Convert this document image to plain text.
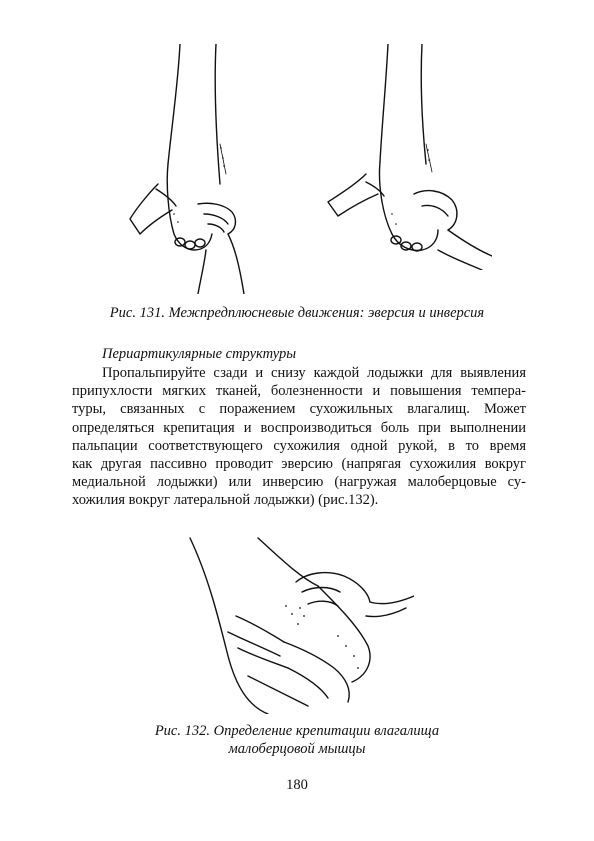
Рис. 131. Межпредплюсневые движения: эверсия и инверсия
Периартикулярные структуры
Пропальпируйте сзади и снизу каждой лодыжки для выявления
припухлости мягких тканей, болезненности и повышения темпера-
туры, связанных с поражением сухожильных влагалищ. Может
определяться крепитация и воспроизводиться боль при выполнении
пальпации соответствующего сухожилия одной рукой, в то время
как другая пассивно проводит эверсию (напрягая сухожилия вокруг
медиальной лодыжки) или инверсию (нагружая малоберцовые су-
хожилия вокруг латеральной лодыжки) (рис.132).
Рис. 132. Определение крепитации влагалища
малоберцовой мышцы
180
